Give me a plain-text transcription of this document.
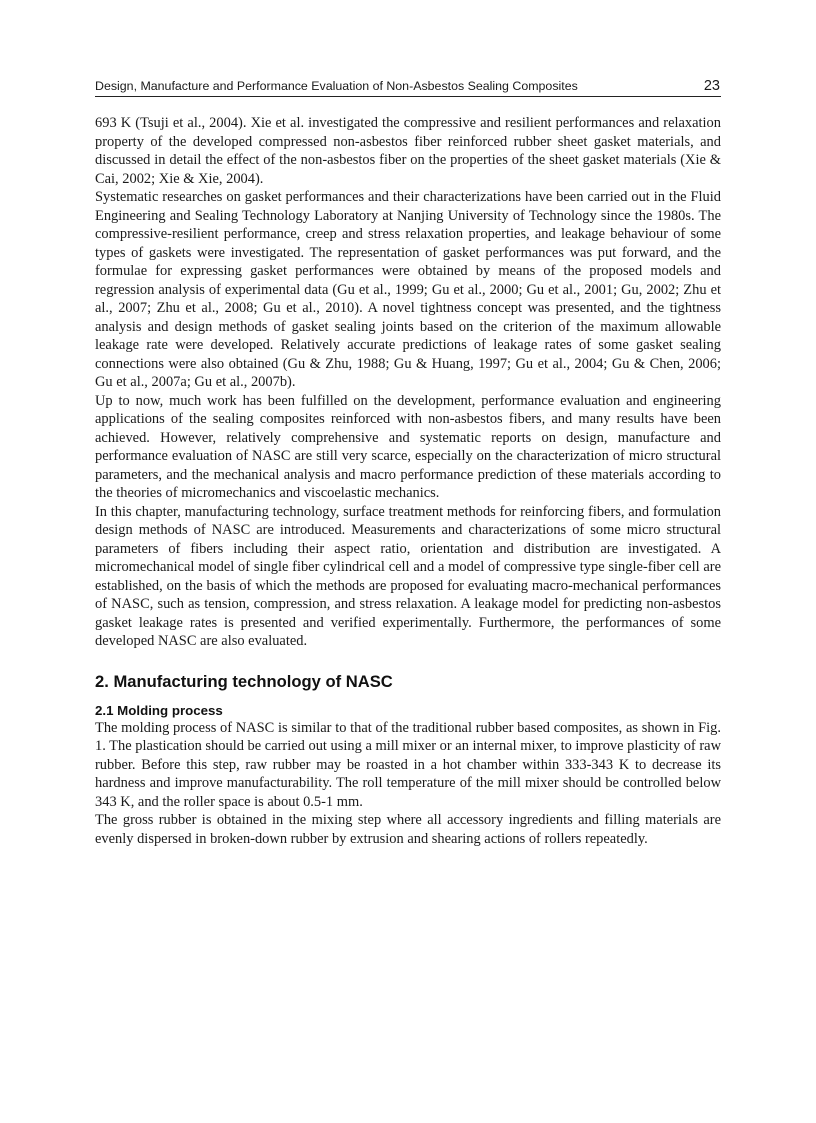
Design, Manufacture and Performance Evaluation of Non-Asbestos Sealing Composites	23

693 K (Tsuji et al., 2004). Xie et al. investigated the compressive and resilient performances and relaxation property of the developed compressed non-asbestos fiber reinforced rubber sheet gasket materials, and discussed in detail the effect of the non-asbestos fiber on the properties of the sheet gasket materials (Xie & Cai, 2002; Xie & Xie, 2004).

Systematic researches on gasket performances and their characterizations have been carried out in the Fluid Engineering and Sealing Technology Laboratory at Nanjing University of Technology since the 1980s. The compressive-resilient performance, creep and stress relaxation properties, and leakage behaviour of some types of gaskets were investigated. The representation of gasket performances was put forward, and the formulae for expressing gasket performances were obtained by means of the proposed models and regression analysis of experimental data (Gu et al., 1999; Gu et al., 2000; Gu et al., 2001; Gu, 2002; Zhu et al., 2007; Zhu et al., 2008; Gu et al., 2010). A novel tightness concept was presented, and the tightness analysis and design methods of gasket sealing joints based on the criterion of the maximum allowable leakage rate were developed. Relatively accurate predictions of leakage rates of some gasket sealing connections were also obtained (Gu & Zhu, 1988; Gu & Huang, 1997; Gu et al., 2004; Gu & Chen, 2006; Gu et al., 2007a; Gu et al., 2007b).

Up to now, much work has been fulfilled on the development, performance evaluation and engineering applications of the sealing composites reinforced with non-asbestos fibers, and many results have been achieved. However, relatively comprehensive and systematic reports on design, manufacture and performance evaluation of NASC are still very scarce, especially on the characterization of micro structural parameters, and the mechanical analysis and macro performance prediction of these materials according to the theories of micromechanics and viscoelastic mechanics.

In this chapter, manufacturing technology, surface treatment methods for reinforcing fibers, and formulation design methods of NASC are introduced. Measurements and characterizations of some micro structural parameters of fibers including their aspect ratio, orientation and distribution are investigated. A micromechanical model of single fiber cylindrical cell and a model of compressive type single-fiber cell are established, on the basis of which the methods are proposed for evaluating macro-mechanical performances of NASC, such as tension, compression, and stress relaxation. A leakage model for predicting non-asbestos gasket leakage rates is presented and verified experimentally. Furthermore, the performances of some developed NASC are also evaluated.

2. Manufacturing technology of NASC
2.1 Molding process

The molding process of NASC is similar to that of the traditional rubber based composites, as shown in Fig. 1. The plastication should be carried out using a mill mixer or an internal mixer, to improve plasticity of raw rubber. Before this step, raw rubber may be roasted in a hot chamber within 333-343 K to decrease its hardness and improve manufacturability. The roll temperature of the mill mixer should be controlled below 343 K, and the roller space is about 0.5-1 mm.

The gross rubber is obtained in the mixing step where all accessory ingredients and filling materials are evenly dispersed in broken-down rubber by extrusion and shearing actions of rollers repeatedly.
